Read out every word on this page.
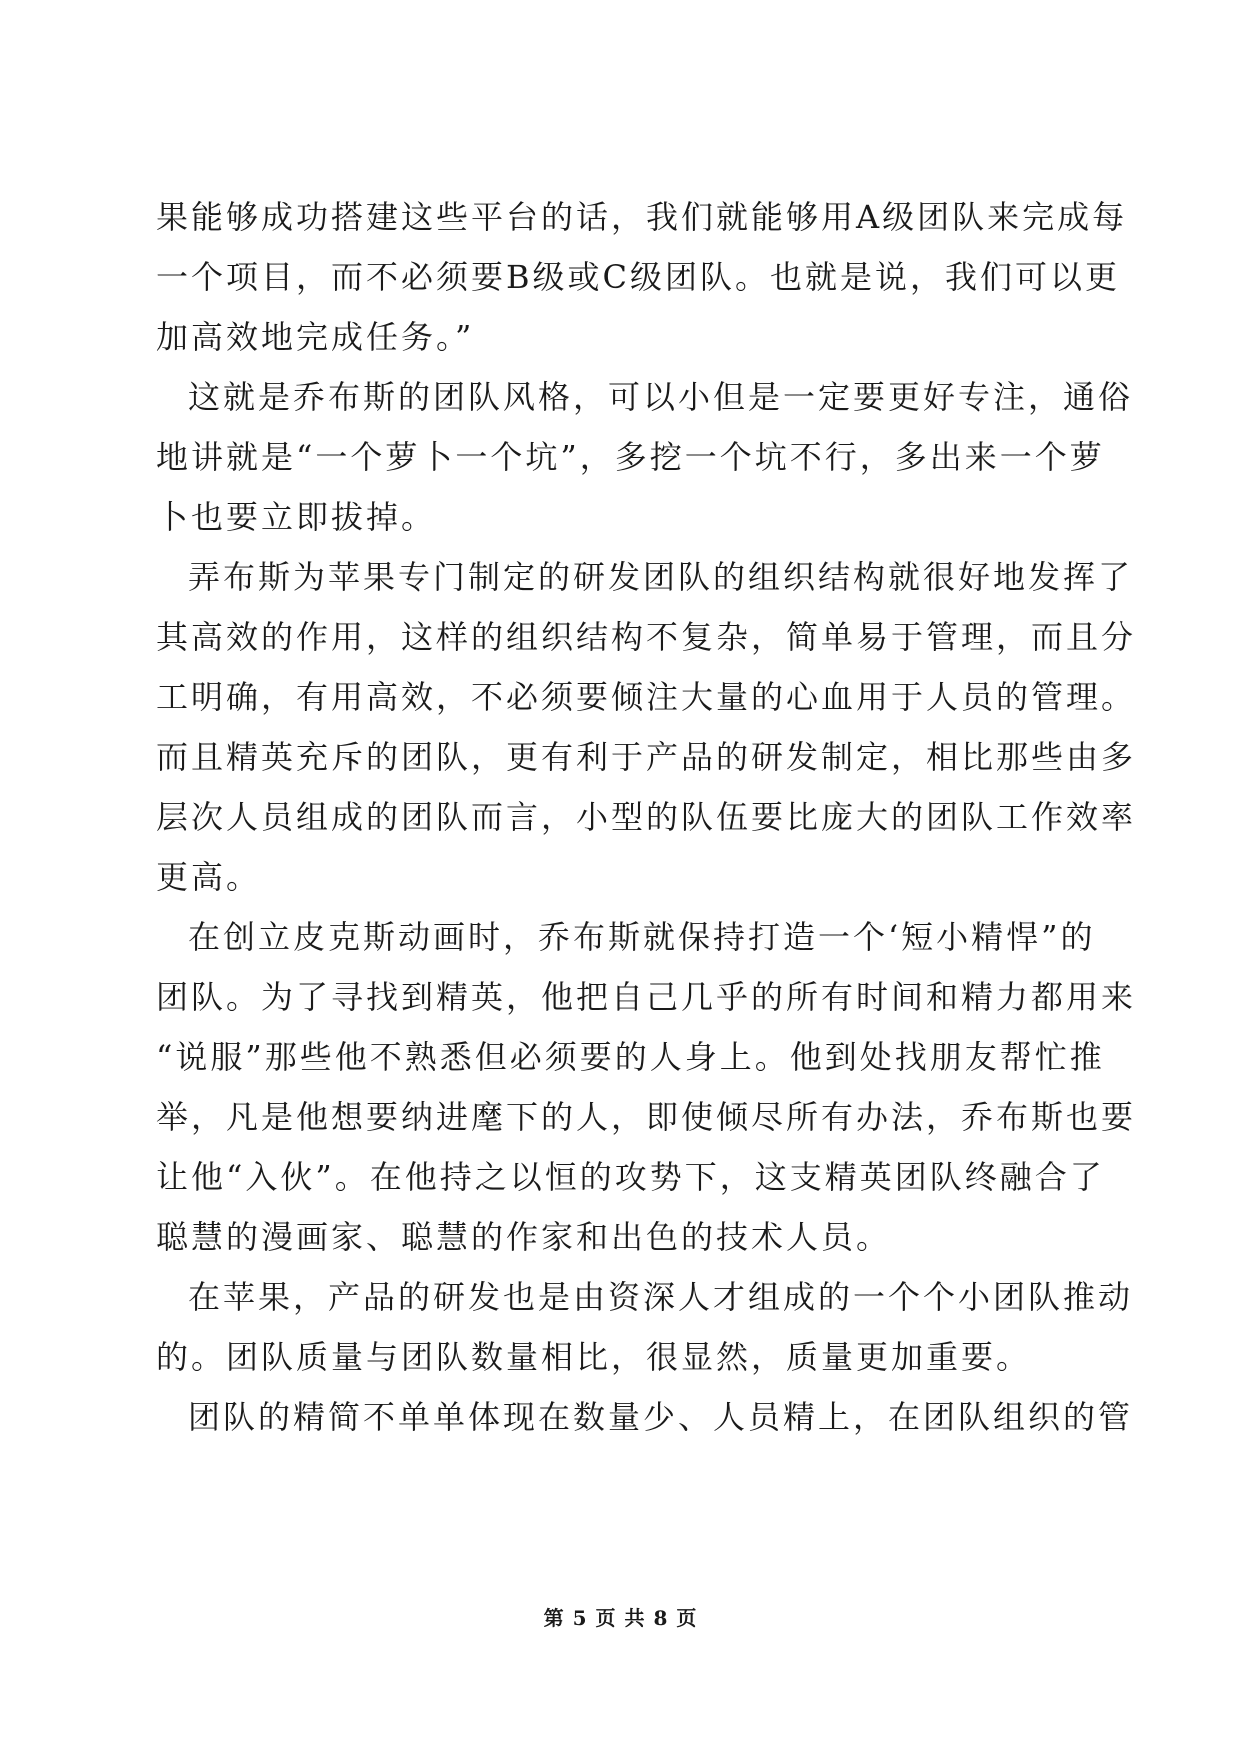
果能够成功搭建这些平台的话，我们就能够用A级团队来完成每
一个项目，而不必须要B级或C级团队。也就是说，我们可以更
加高效地完成任务。”
这就是乔布斯的团队风格，可以小但是一定要更好专注，通俗
地讲就是“一个萝卜一个坑”，多挖一个坑不行，多出来一个萝
卜也要立即拔掉。
弄布斯为苹果专门制定的研发团队的组织结构就很好地发挥了
其高效的作用，这样的组织结构不复杂，简单易于管理，而且分
工明确，有用高效，不必须要倾注大量的心血用于人员的管理。
而且精英充斥的团队，更有利于产品的研发制定，相比那些由多
层次人员组成的团队而言，小型的队伍要比庞大的团队工作效率
更高。
在创立皮克斯动画时，乔布斯就保持打造一个‘短小精悍”的
团队。为了寻找到精英，他把自己几乎的所有时间和精力都用来
“说服”那些他不熟悉但必须要的人身上。他到处找朋友帮忙推
举，凡是他想要纳进麾下的人，即使倾尽所有办法，乔布斯也要
让他“入伙”。在他持之以恒的攻势下，这支精英团队终融合了
聪慧的漫画家、聪慧的作家和出色的技术人员。
在苹果，产品的研发也是由资深人才组成的一个个小团队推动
的。团队质量与团队数量相比，很显然，质量更加重要。
团队的精简不单单体现在数量少、人员精上，在团队组织的管
第 5 页 共 8 页
